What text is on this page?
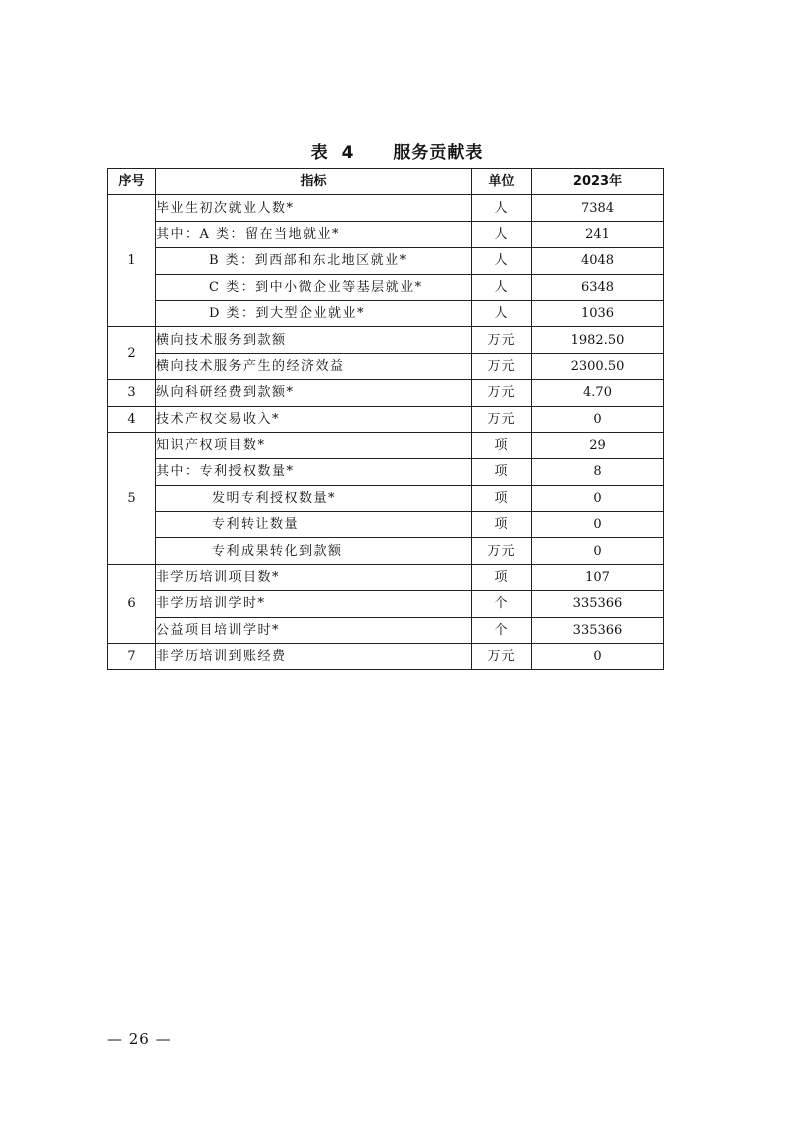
表 4 服务贡献表
序号	指标	单位	2023年
1	毕业生初次就业人数*	人	7384
	其中：A 类：留在当地就业*	人	241
	B 类：到西部和东北地区就业*	人	4048
	C 类：到中小微企业等基层就业*	人	6348
	D 类：到大型企业就业*	人	1036
2	横向技术服务到款额	万元	1982.50
	横向技术服务产生的经济效益	万元	2300.50
3	纵向科研经费到款额*	万元	4.70
4	技术产权交易收入*	万元	0
5	知识产权项目数*	项	29
	其中：专利授权数量*	项	8
	发明专利授权数量*	项	0
	专利转让数量	项	0
	专利成果转化到款额	万元	0
6	非学历培训项目数*	项	107
	非学历培训学时*	个	335366
	公益项目培训学时*	个	335366
7	非学历培训到账经费	万元	0
— 26 —
